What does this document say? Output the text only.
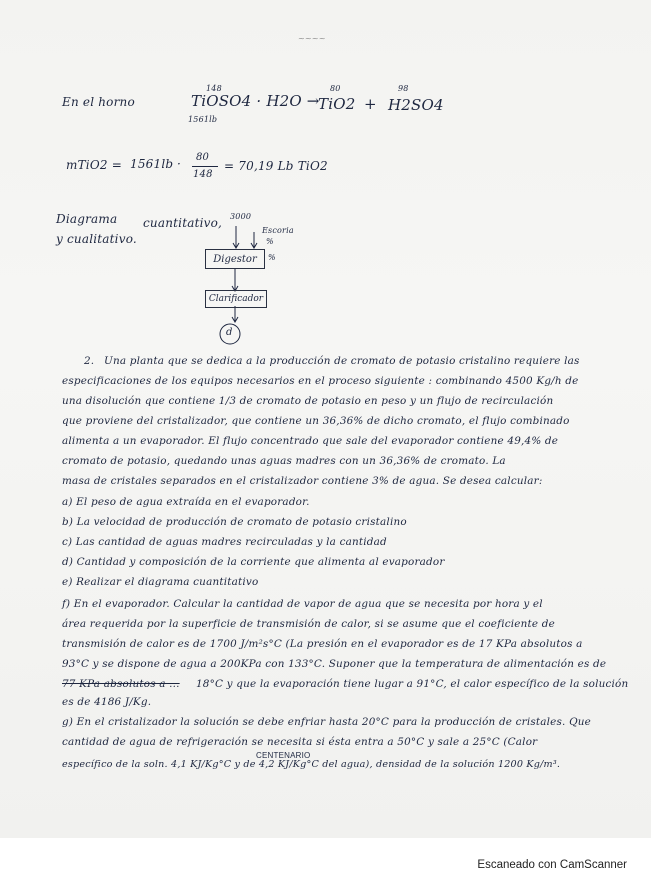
~~~~
En el horno
148
TiOSO4 · H2O →
80
TiO2 +
98
H2SO4
1561lb
mTiO2 = 1561lb · 80
148
= 70,19 Lb TiO2
Diagrama cuantitativo,
y cualitativo.
3000
Escoria
%
%
Digestor
Clarificador
d
2. Una planta que se dedica a la producción de cromato de potasio cristalino requiere las
especificaciones de los equipos necesarios en el proceso siguiente : combinando 4500 Kg/h de
una disolución que contiene 1/3 de cromato de potasio en peso y un flujo de recirculación
que proviene del cristalizador, que contiene un 36,36% de dicho cromato, el flujo combinado
alimenta a un evaporador. El flujo concentrado que sale del evaporador contiene 49,4% de
cromato de potasio, quedando unas aguas madres con un 36,36% de cromato. La
masa de cristales separados en el cristalizador contiene 3% de agua. Se desea calcular:
a) El peso de agua extraída en el evaporador.
b) La velocidad de producción de cromato de potasio cristalino
c) Las cantidad de aguas madres recirculadas y la cantidad
d) Cantidad y composición de la corriente que alimenta al evaporador
e) Realizar el diagrama cuantitativo
f) En el evaporador. Calcular la cantidad de vapor de agua que se necesita por hora y el
área requerida por la superficie de transmisión de calor, si se asume que el coeficiente de
transmisión de calor es de 1700 J/m²s°C (La presión en el evaporador es de 17 KPa absolutos a
93°C y se dispone de agua a 200KPa con 133°C. Suponer que la temperatura de alimentación es de
77 KPa absolutos a ... 18°C y que la evaporación tiene lugar a 91°C, el calor específico de la solución
es de 4186 J/Kg.
g) En el cristalizador la solución se debe enfriar hasta 20°C para la producción de cristales. Que
cantidad de agua de refrigeración se necesita si ésta entra a 50°C y sale a 25°C (Calor
CENTENARIO
específico de la soln. 4,1 KJ/Kg°C y de 4,2 KJ/Kg°C del agua), densidad de la solución 1200 Kg/m³.
Escaneado con CamScanner
